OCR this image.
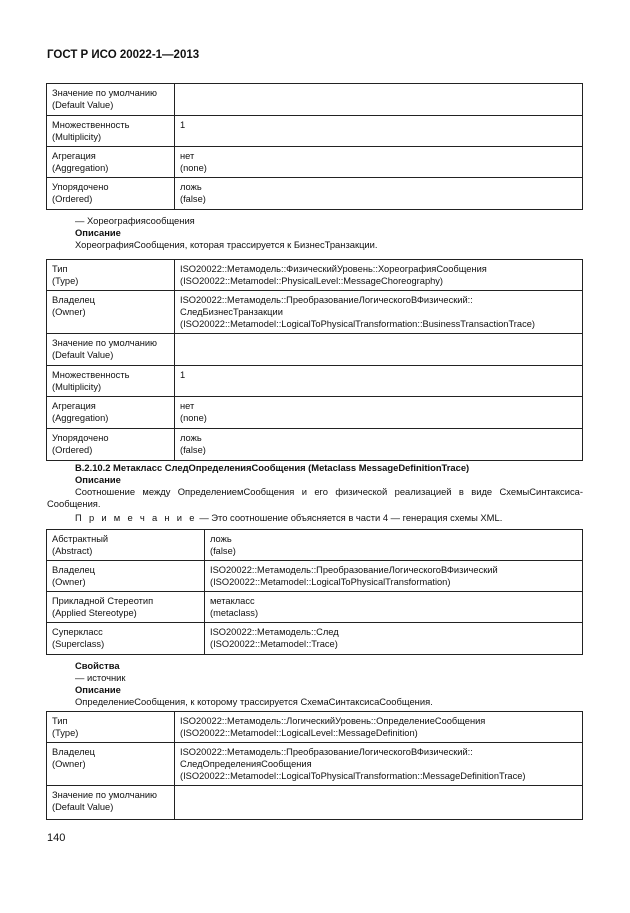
ГОСТ Р ИСО 20022-1—2013
Значение по умолчанию
(Default Value)	
Множественность
(Multiplicity)	1
Агрегация
(Aggregation)	нет
(none)
Упорядочено
(Ordered)	ложь
(false)
— Хореографиясообщения
Описание
ХореографияСообщения, которая трассируется к БизнесТранзакции.
Тип
(Type)	ISO20022::Метамодель::ФизическийУровень::ХореографияСообщения
(ISO20022::Metamodel::PhysicalLevel::MessageChoreography)
Владелец
(Owner)	ISO20022::Метамодель::ПреобразованиеЛогическогоВФизический::
СледБизнесТранзакции
(ISO20022::Metamodel::LogicalToPhysicalTransformation::BusinessTransactionTrace)
Значение по умолчанию
(Default Value)	
Множественность
(Multiplicity)	1
Агрегация
(Aggregation)	нет
(none)
Упорядочено
(Ordered)	ложь
(false)
В.2.10.2 Метакласс СледОпределенияСообщения (Metaclass MessageDefinitionTrace)
Описание
Соотношение между ОпределениемСообщения и его физической реализацией в виде СхемыСинтаксиса-Сообщения.
П р и м е ч а н и е — Это соотношение объясняется в части 4 — генерация схемы XML.
Абстрактный
(Abstract)	ложь
(false)
Владелец
(Owner)	ISO20022::Метамодель::ПреобразованиеЛогическогоВФизический
(ISO20022::Metamodel::LogicalToPhysicalTransformation)
Прикладной Стереотип
(Applied Stereotype)	метакласс
(metaclass)
Суперкласс
(Superclass)	ISO20022::Метамодель::След
(ISO20022::Metamodel::Trace)
Свойства
— источник
Описание
ОпределениеСообщения, к которому трассируется СхемаСинтаксисаСообщения.
Тип
(Type)	ISO20022::Метамодель::ЛогическийУровень::ОпределениеСообщения
(ISO20022::Metamodel::LogicalLevel::MessageDefinition)
Владелец
(Owner)	ISO20022::Метамодель::ПреобразованиеЛогическогоВФизический::
СледОпределенияСообщения
(ISO20022::Metamodel::LogicalToPhysicalTransformation::MessageDefinitionTrace)
Значение по умолчанию
(Default Value)	
140
